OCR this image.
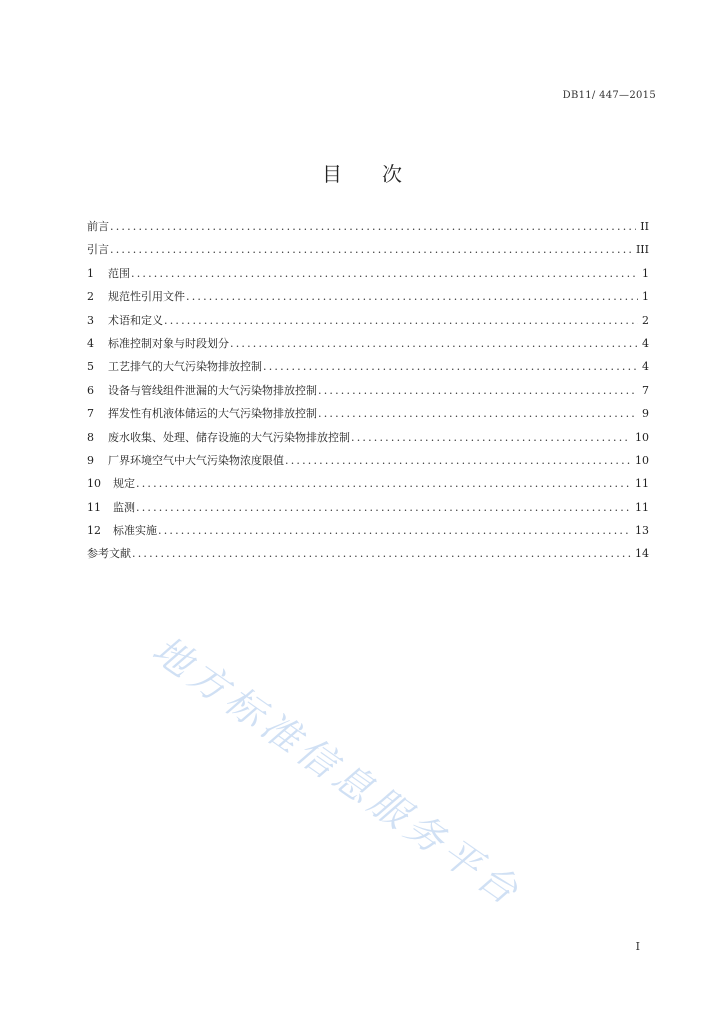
DB11/ 447—2015
目 次
前言 .....	II
引言 .....	III
1	范围 .....	1
2	规范性引用文件 .....	1
3	术语和定义 .....	2
4	标准控制对象与时段划分 .....	4
5	工艺排气的大气污染物排放控制 .....	4
6	设备与管线组件泄漏的大气污染物排放控制 .....	7
7	挥发性有机液体储运的大气污染物排放控制 .....	9
8	废水收集、处理、储存设施的大气污染物排放控制 .....	10
9	厂界环境空气中大气污染物浓度限值 .....	10
10 规定 .....	11
11 监测 .....	11
12 标准实施 .....	13
参考文献 .....	14
地方标准信息服务平台
I
